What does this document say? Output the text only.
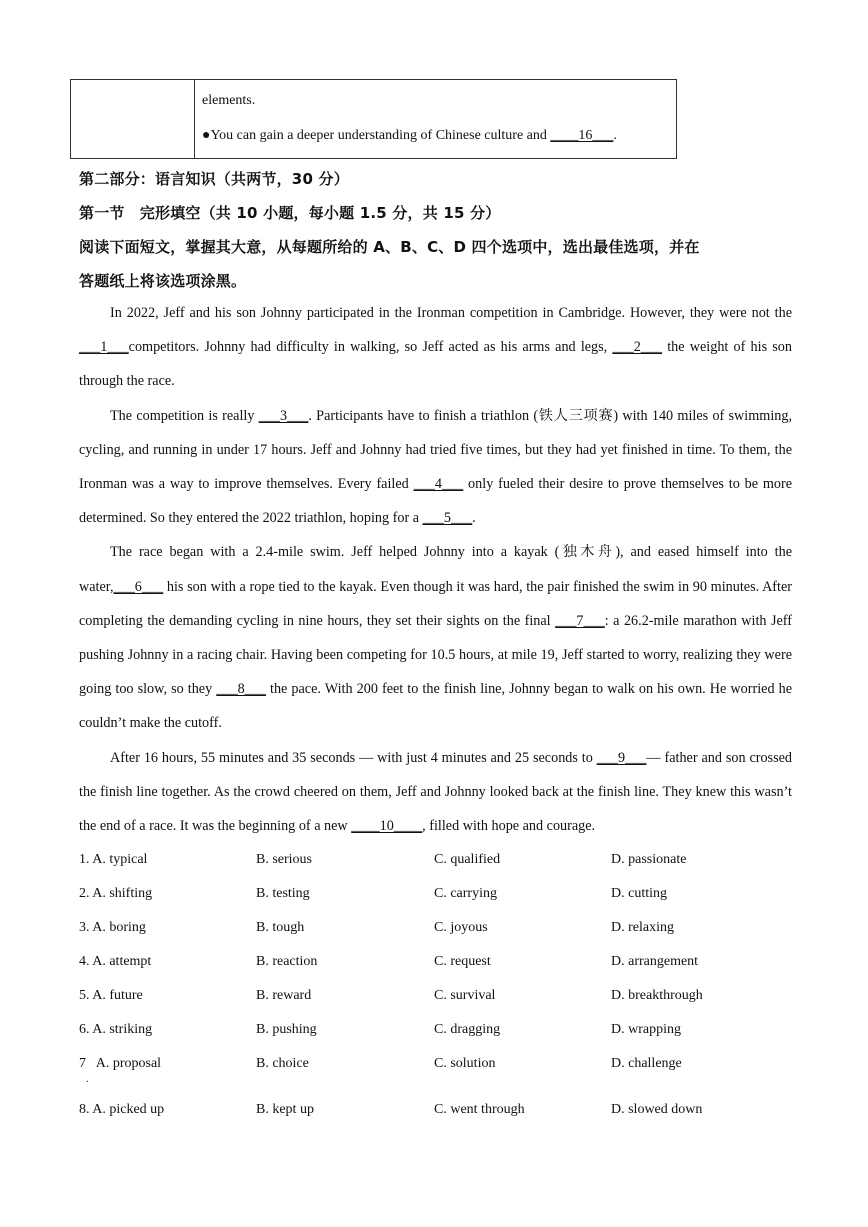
elements.
●You can gain a deeper understanding of Chinese culture and ____16___.
第二部分：语言知识（共两节，30 分）
第一节　完形填空（共 10 小题，每小题 1.5 分，共 15 分）
阅读下面短文，掌握其大意，从每题所给的 A、B、C、D 四个选项中，选出最佳选项，并在
答题纸上将该选项涂黑。

In 2022, Jeff and his son Johnny participated in the Ironman competition in Cambridge. However, they were not the ___1___competitors. Johnny had difficulty in walking, so Jeff acted as his arms and legs, ___2___ the weight of his son through the race.

The competition is really ___3___. Participants have to finish a triathlon (铁人三项赛) with 140 miles of swimming, cycling, and running in under 17 hours. Jeff and Johnny had tried five times, but they had yet finished in time. To them, the Ironman was a way to improve themselves. Every failed ___4___ only fueled their desire to prove themselves to be more determined. So they entered the 2022 triathlon, hoping for a ___5___.

The race began with a 2.4-mile swim. Jeff helped Johnny into a kayak (独木舟), and eased himself into the water,___6___ his son with a rope tied to the kayak. Even though it was hard, the pair finished the swim in 90 minutes. After completing the demanding cycling in nine hours, they set their sights on the final ___7___: a 26.2-mile marathon with Jeff pushing Johnny in a racing chair. Having been competing for 10.5 hours, at mile 19, Jeff started to worry, realizing they were going too slow, so they ___8___ the pace. With 200 feet to the finish line, Johnny began to walk on his own. He worried he couldn’t make the cutoff.

After 16 hours, 55 minutes and 35 seconds — with just 4 minutes and 25 seconds to ___9___— father and son crossed the finish line together. As the crowd cheered on them, Jeff and Johnny looked back at the finish line. They knew this wasn’t the end of a race. It was the beginning of a new ____10____, filled with hope and courage.

1. A. typical	B. serious	C. qualified	D. passionate
2. A. shifting	B. testing	C. carrying	D. cutting
3. A. boring	B. tough	C. joyous	D. relaxing
4. A. attempt	B. reaction	C. request	D. arrangement
5. A. future	B. reward	C. survival	D. breakthrough
6. A. striking	B. pushing	C. dragging	D. wrapping
7   A. proposal	B. choice	C. solution	D. challenge
.
8. A. picked up	B. kept up	C. went through	D. slowed down
